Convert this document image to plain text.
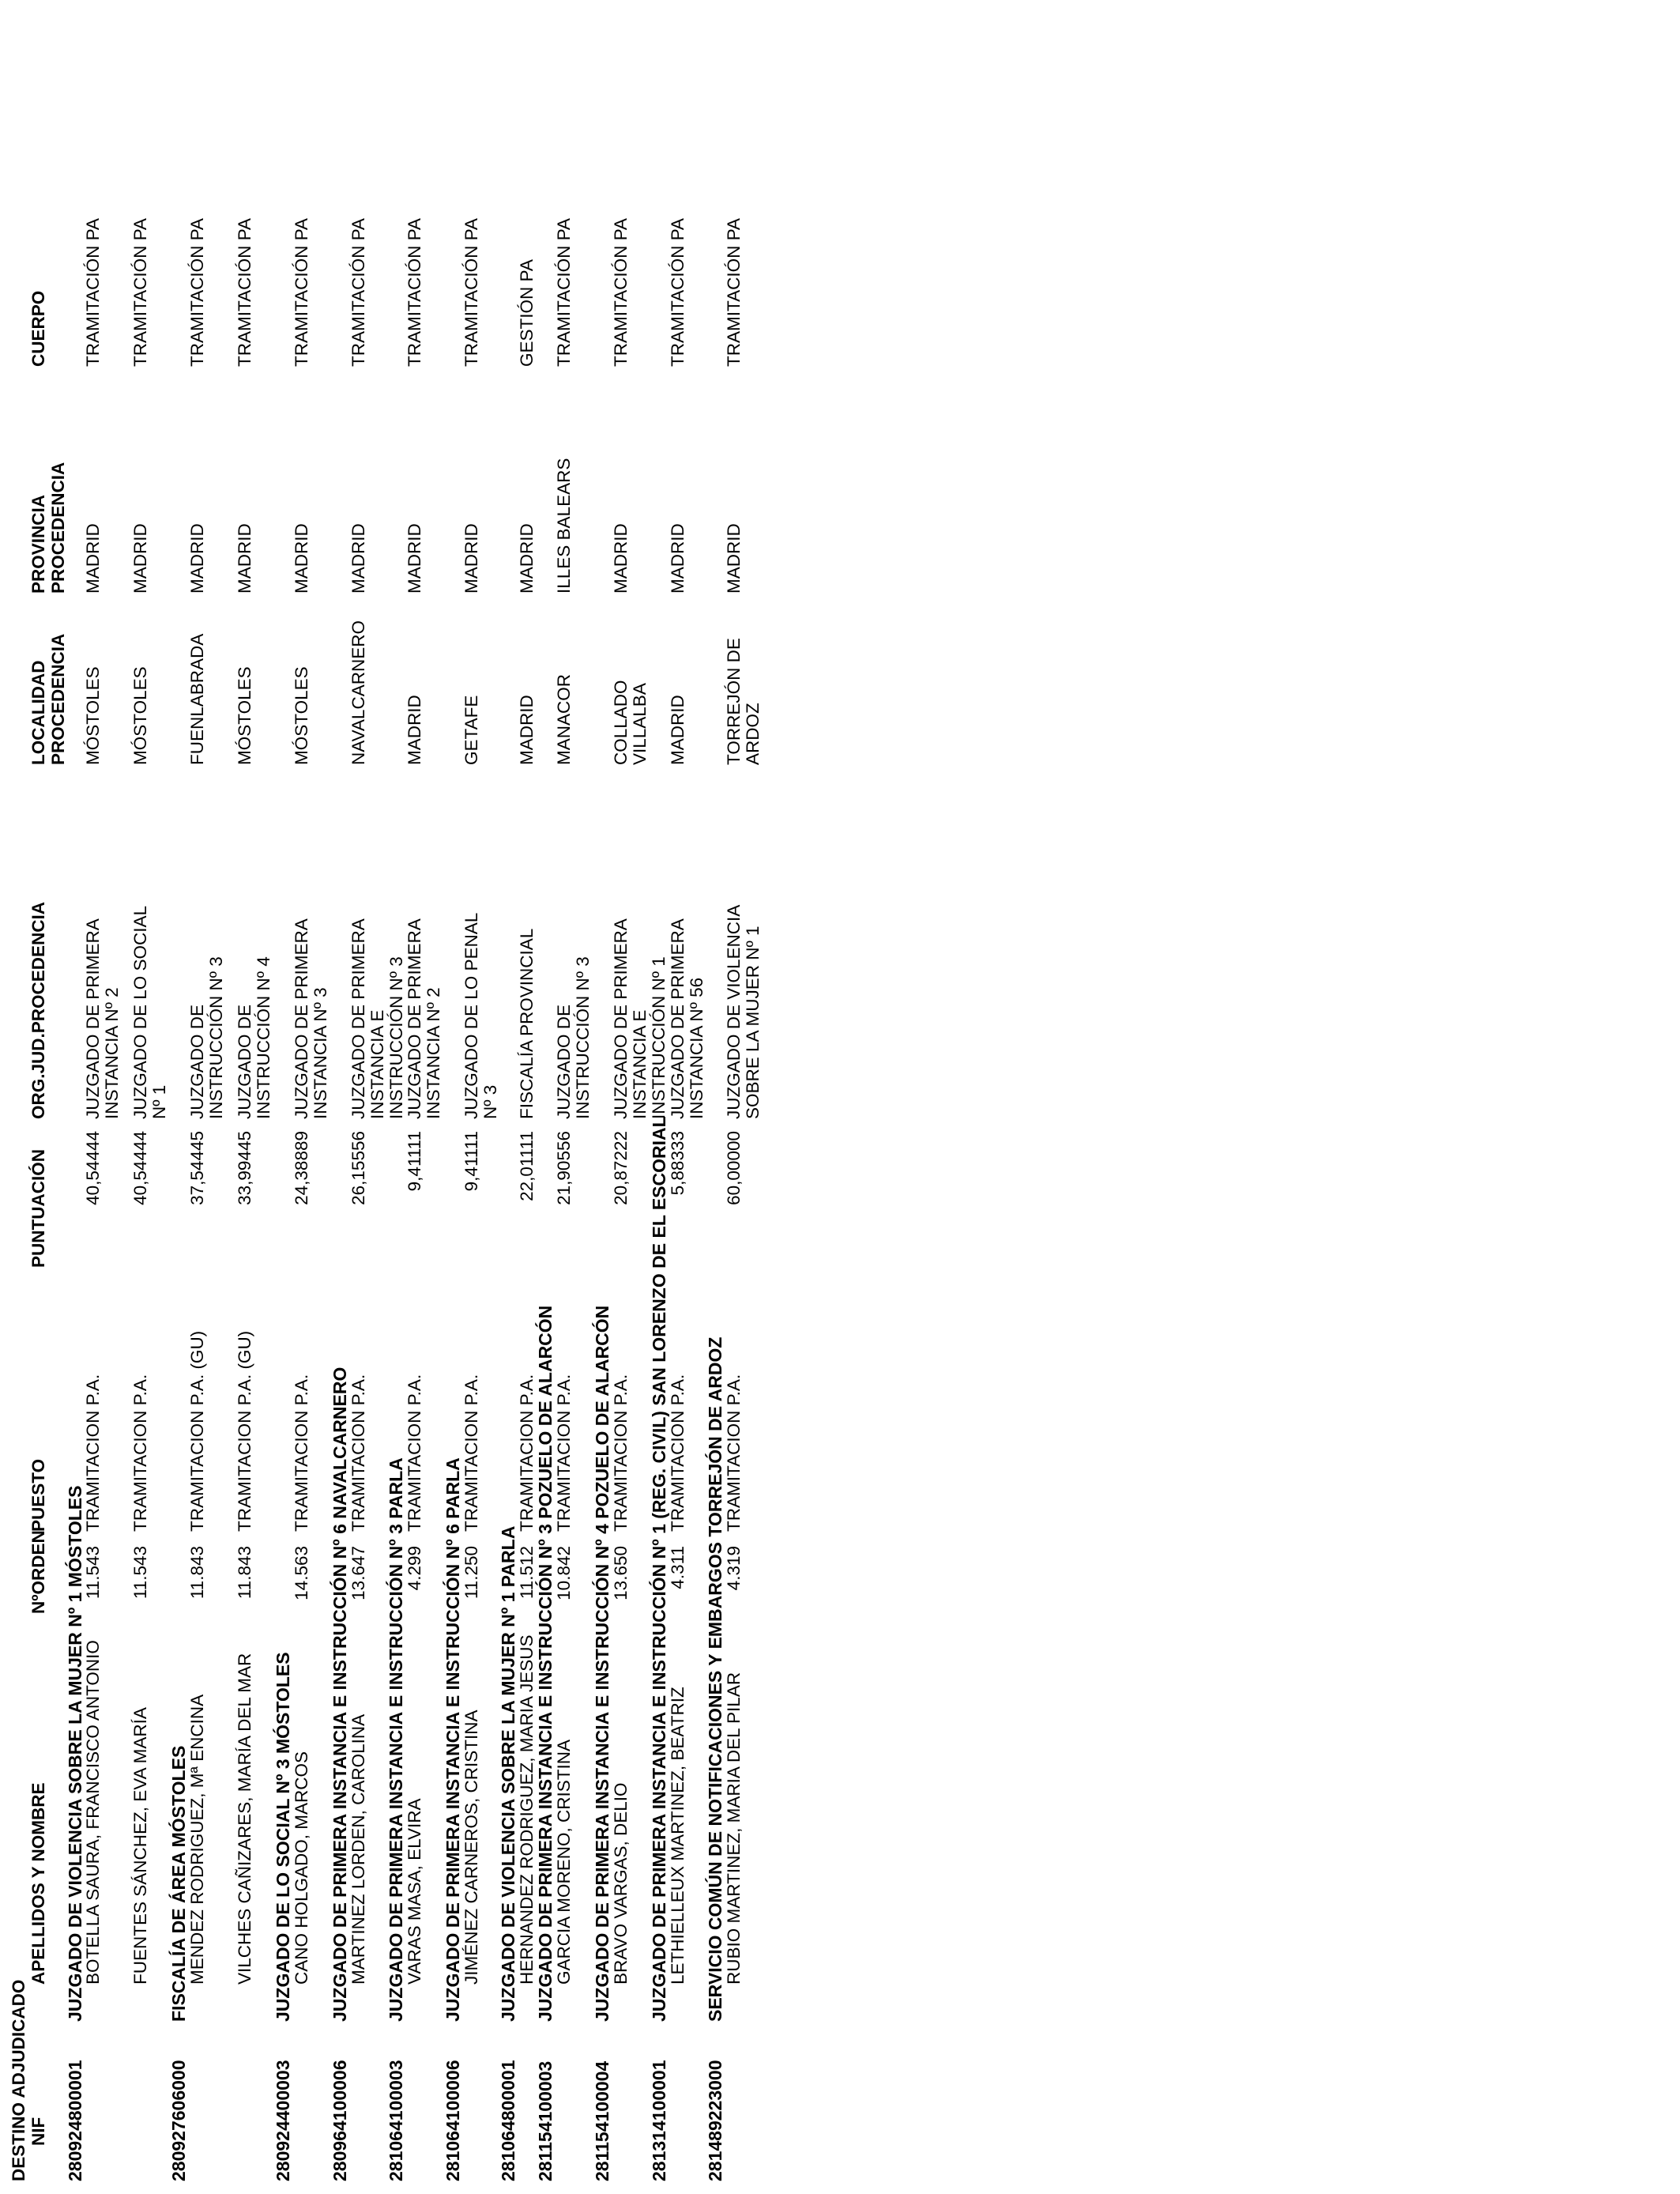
DESTINO ADJUDICADO NIF
APELLIDOS Y NOMBRE
NºORDEN
PUESTO
PUNTUACIÓN
ORG.JUD.PROCEDENCIA
LOCALIDAD PROCEDENCIA
PROVINCIA PROCEDENCIA
CUERPO
280924800001
JUZGADO DE VIOLENCIA SOBRE LA MUJER Nº 1 MÓSTOLES
BOTELLA SAURA, FRANCISCO ANTONIO
11.543
TRAMITACION P.A.
40,54444
JUZGADO DE PRIMERA INSTANCIA Nº 2
MÓSTOLES
MADRID
TRAMITACIÓN PA
FUENTES SÁNCHEZ, EVA MARÍA
11.543
TRAMITACION P.A.
40,54444
JUZGADO DE LO SOCIAL Nº 1
MÓSTOLES
MADRID
TRAMITACIÓN PA
280927606000
FISCALÍA DE ÁREA MÓSTOLES
MENDEZ RODRIGUEZ, Mª ENCINA
11.843
TRAMITACION P.A. (GU)
37,54445
JUZGADO DE INSTRUCCIÓN Nº 3
FUENLABRADA
MADRID
TRAMITACIÓN PA
VILCHES CAÑIZARES, MARÍA DEL MAR
11.843
TRAMITACION P.A. (GU)
33,99445
JUZGADO DE INSTRUCCIÓN Nº 4
MÓSTOLES
MADRID
TRAMITACIÓN PA
280924400003
JUZGADO DE LO SOCIAL Nº 3 MÓSTOLES
CANO HOLGADO, MARCOS
14.563
TRAMITACION P.A.
24,38889
JUZGADO DE PRIMERA INSTANCIA Nº 3
MÓSTOLES
MADRID
TRAMITACIÓN PA
280964100006
JUZGADO DE PRIMERA INSTANCIA E INSTRUCCIÓN Nº 6 NAVALCARNERO
MARTINEZ LORDEN, CAROLINA
13.647
TRAMITACION P.A.
26,15556
JUZGADO DE PRIMERA INSTANCIA E INSTRUCCIÓN Nº 3
NAVALCARNERO
MADRID
TRAMITACIÓN PA
281064100003
JUZGADO DE PRIMERA INSTANCIA E INSTRUCCIÓN Nº 3 PARLA
VARAS MASA, ELVIRA
4.299
TRAMITACION P.A.
9,41111
JUZGADO DE PRIMERA INSTANCIA Nº 2
MADRID
MADRID
TRAMITACIÓN PA
281064100006
JUZGADO DE PRIMERA INSTANCIA E INSTRUCCIÓN Nº 6 PARLA
JIMÉNEZ CARNEROS, CRISTINA
11.250
TRAMITACION P.A.
9,41111
JUZGADO DE LO PENAL Nº 3
GETAFE
MADRID
TRAMITACIÓN PA
281064800001
JUZGADO DE VIOLENCIA SOBRE LA MUJER Nº 1 PARLA
HERNANDEZ RODRIGUEZ, MARIA JESUS
11.512
TRAMITACION P.A.
22,01111
FISCALÍA PROVINCIAL
MADRID
MADRID
GESTIÓN PA
281154100003
JUZGADO DE PRIMERA INSTANCIA E INSTRUCCIÓN Nº 3 POZUELO DE ALARCÓN
GARCIA MORENO, CRISTINA
10.842
TRAMITACION P.A.
21,90556
JUZGADO DE INSTRUCCIÓN Nº 3
MANACOR
ILLES BALEARS
TRAMITACIÓN PA
281154100004
JUZGADO DE PRIMERA INSTANCIA E INSTRUCCIÓN Nº 4 POZUELO DE ALARCÓN
BRAVO VARGAS, DELIO
13.650
TRAMITACION P.A.
20,87222
JUZGADO DE PRIMERA INSTANCIA E INSTRUCCIÓN Nº 1
COLLADO VILLALBA
MADRID
TRAMITACIÓN PA
281314100001
JUZGADO DE PRIMERA INSTANCIA E INSTRUCCIÓN Nº 1 (REG. CIVIL) SAN LORENZO DE EL ESCORIAL
LETHIELLEUX MARTINEZ, BEATRIZ
4.311
TRAMITACION P.A.
5,88333
JUZGADO DE PRIMERA INSTANCIA Nº 56
MADRID
MADRID
TRAMITACIÓN PA
281489223000
SERVICIO COMÚN DE NOTIFICACIONES Y EMBARGOS TORREJÓN DE ARDOZ
RUBIO MARTINEZ, MARIA DEL PILAR
4.319
TRAMITACION P.A.
60,00000
JUZGADO DE VIOLENCIA SOBRE LA MUJER Nº 1
TORREJÓN DE ARDOZ
MADRID
TRAMITACIÓN PA
